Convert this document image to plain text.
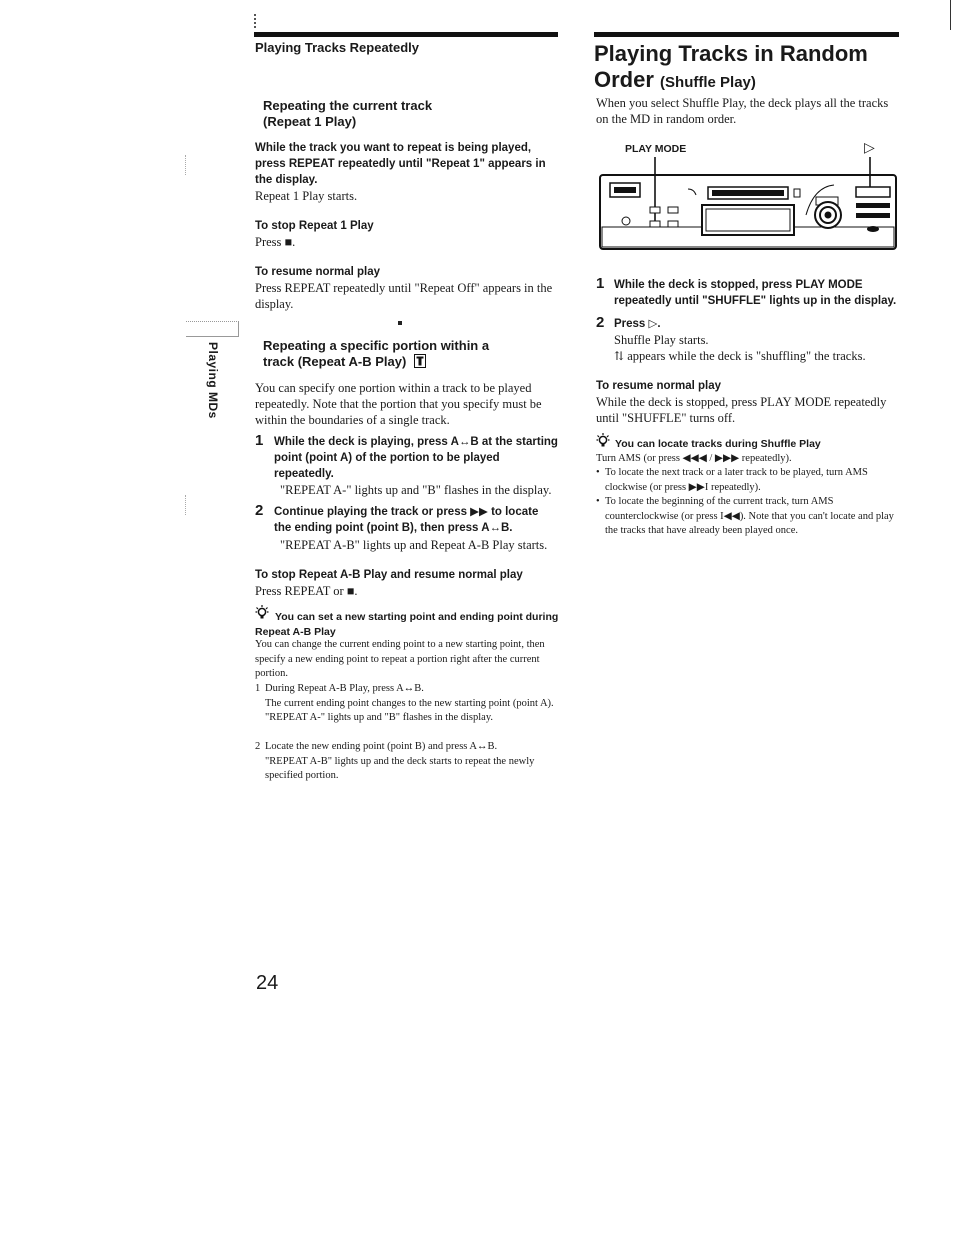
Playing Tracks Repeatedly
Repeating the current track
(Repeat 1 Play)

While the track you want to repeat is being played, press REPEAT repeatedly until "Repeat 1" appears in the display.

Repeat 1 Play starts.

To stop Repeat 1 Play

Press ■.

To resume normal play

Press REPEAT repeatedly until "Repeat Off" appears in the display.

Repeating a specific portion within a
track (Repeat A-B Play)

You can specify one portion within a track to be played repeatedly. Note that the portion that you specify must be within the boundaries of a single track.

1 While the deck is playing, press A↔B at the starting point (point A) of the portion to be played repeatedly.

"REPEAT A-" lights up and "B" flashes in the display.

2 Continue playing the track or press ▶▶ to locate the ending point (point B), then press A↔B.

"REPEAT A-B" lights up and Repeat A-B Play starts.

To stop Repeat A-B Play and resume normal play

Press REPEAT or ■.

You can set a new starting point and ending point during
Repeat A-B Play

You can change the current ending point to a new starting point, then specify a new ending point to repeat a portion right after the current portion.

1 During Repeat A-B Play, press A↔B.
The current ending point changes to the new starting point (point A).
"REPEAT A-" lights up and "B" flashes in the display.
2 Locate the new ending point (point B) and press A↔B.
"REPEAT A-B" lights up and the deck starts to repeat the newly specified portion.
Playing MDs
24
Playing Tracks in Random
Order (Shuffle Play)

When you select Shuffle Play, the deck plays all the tracks on the MD in random order.

PLAY MODE	▷
1 While the deck is stopped, press PLAY MODE repeatedly until "SHUFFLE" lights up in the display.

2 Press ▷.

Shuffle Play starts.

⇅ appears while the deck is "shuffling" the tracks.

To resume normal play

While the deck is stopped, press PLAY MODE repeatedly until "SHUFFLE" turns off.

You can locate tracks during Shuffle Play

Turn AMS (or press ◀◀◀ / ▶▶▶ repeatedly).

• To locate the next track or a later track to be played, turn AMS clockwise (or press ▶▶I repeatedly).
• To locate the beginning of the current track, turn AMS counterclockwise (or press I◀◀). Note that you can't locate and play the tracks that have already been played once.
